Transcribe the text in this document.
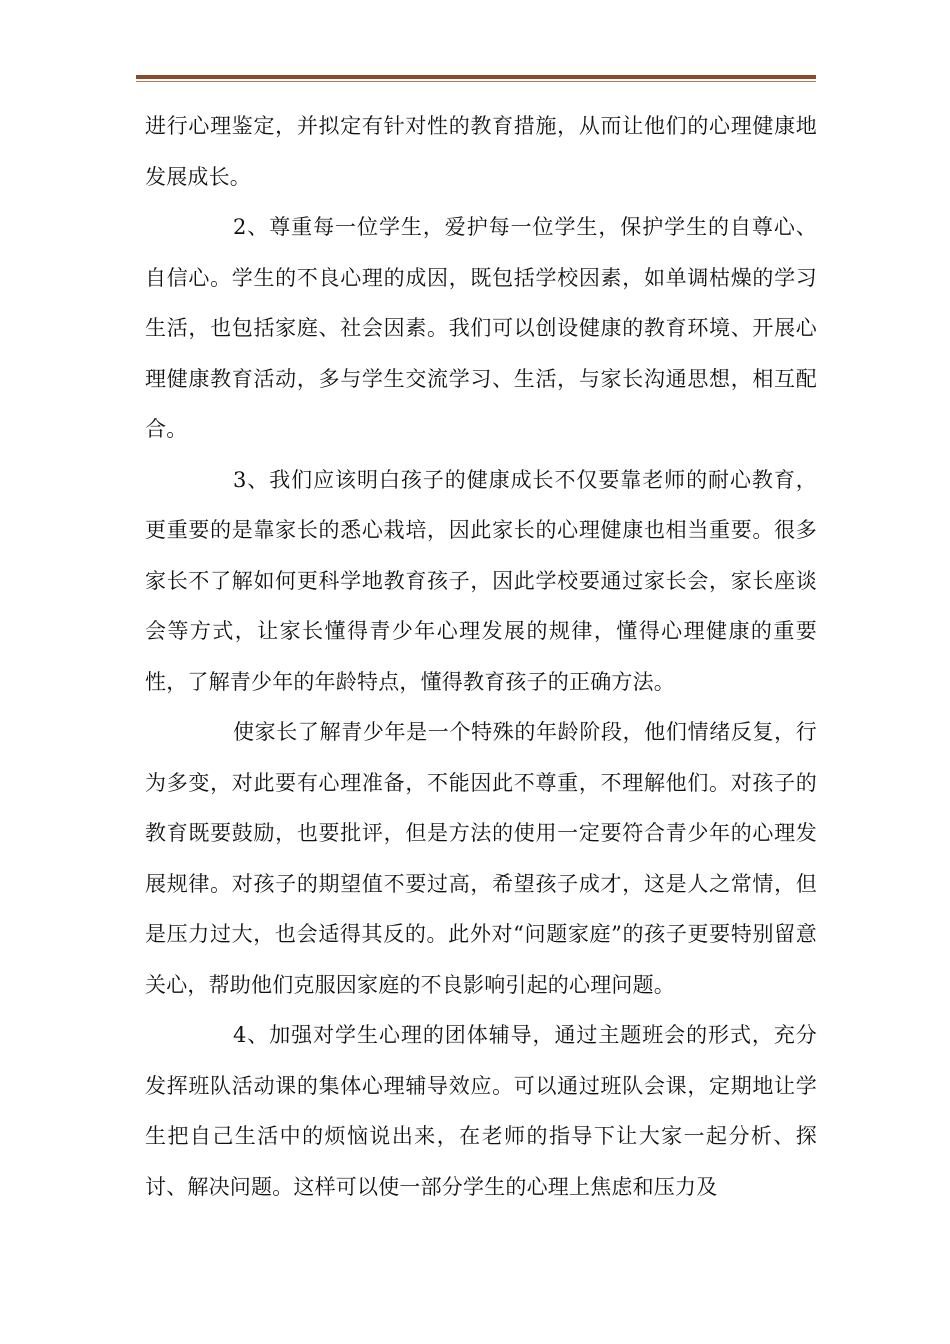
进行心理鉴定，并拟定有针对性的教育措施，从而让他们的心理健康地发展成长。

2、尊重每一位学生，爱护每一位学生，保护学生的自尊心、自信心。学生的不良心理的成因，既包括学校因素，如单调枯燥的学习生活，也包括家庭、社会因素。我们可以创设健康的教育环境、开展心理健康教育活动，多与学生交流学习、生活，与家长沟通思想，相互配合。

3、我们应该明白孩子的健康成长不仅要靠老师的耐心教育，更重要的是靠家长的悉心栽培，因此家长的心理健康也相当重要。很多家长不了解如何更科学地教育孩子，因此学校要通过家长会，家长座谈会等方式，让家长懂得青少年心理发展的规律，懂得心理健康的重要性，了解青少年的年龄特点，懂得教育孩子的正确方法。

使家长了解青少年是一个特殊的年龄阶段，他们情绪反复，行为多变，对此要有心理准备，不能因此不尊重，不理解他们。对孩子的教育既要鼓励，也要批评，但是方法的使用一定要符合青少年的心理发展规律。对孩子的期望值不要过高，希望孩子成才，这是人之常情，但是压力过大，也会适得其反的。此外对“问题家庭”的孩子更要特别留意关心，帮助他们克服因家庭的不良影响引起的心理问题。

4、加强对学生心理的团体辅导，通过主题班会的形式，充分发挥班队活动课的集体心理辅导效应。可以通过班队会课，定期地让学生把自己生活中的烦恼说出来，在老师的指导下让大家一起分析、探讨、解决问题。这样可以使一部分学生的心理上焦虑和压力及
